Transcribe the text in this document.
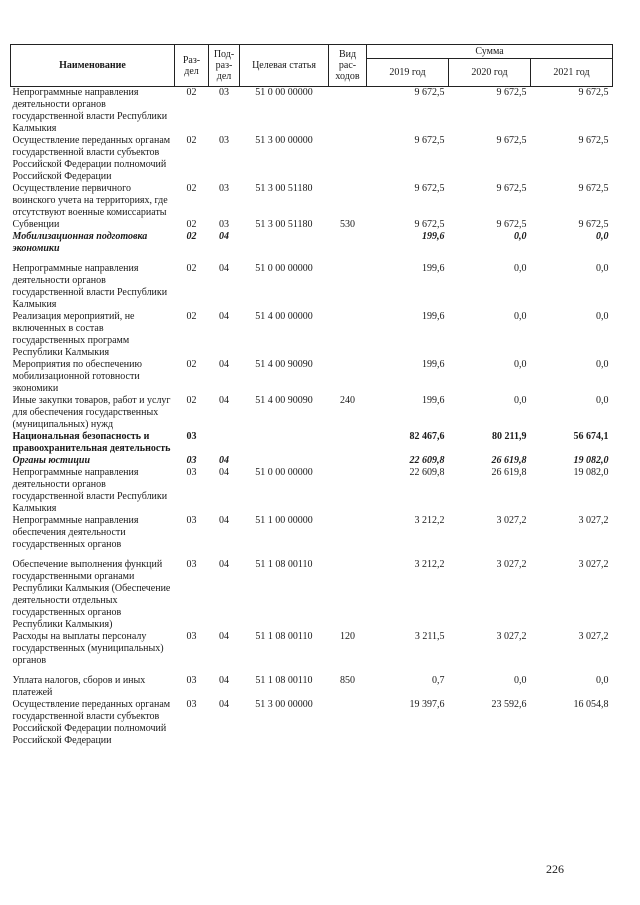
Наименование	Раз-дел	Под-раз-дел	Целевая статья	Вид рас-ходов	Сумма		
					2019 год	2020 год	2021 год
Непрограммные направления деятельности органов государственной власти Республики Калмыкия	02	03	51 0 00 00000		9 672,5	9 672,5	9 672,5
Осуществление переданных органам государственной власти субъектов Российской Федерации полномочий Российской Федерации	02	03	51 3 00 00000		9 672,5	9 672,5	9 672,5
Осуществление первичного воинского учета на территориях, где отсутствуют военные комиссариаты	02	03	51 3 00 51180		9 672,5	9 672,5	9 672,5
Субвенции	02	03	51 3 00 51180	530	9 672,5	9 672,5	9 672,5
Мобилизационная подготовка экономики	02	04			199,6	0,0	0,0
Непрограммные направления деятельности органов государственной власти Республики Калмыкия	02	04	51 0 00 00000		199,6	0,0	0,0
Реализация мероприятий, не включенных в состав государственных программ Республики Калмыкия	02	04	51 4 00 00000		199,6	0,0	0,0
Мероприятия по обеспечению мобилизационной готовности экономики	02	04	51 4 00 90090		199,6	0,0	0,0
Иные закупки товаров, работ и услуг для обеспечения государственных (муниципальных) нужд	02	04	51 4 00 90090	240	199,6	0,0	0,0
Национальная безопасность и правоохранительная деятельность	03				82 467,6	80 211,9	56 674,1
Органы юстиции	03	04			22 609,8	26 619,8	19 082,0
Непрограммные направления деятельности органов государственной власти Республики Калмыкия	03	04	51 0 00 00000		22 609,8	26 619,8	19 082,0
Непрограммные направления обеспечения деятельности государственных органов	03	04	51 1 00 00000		3 212,2	3 027,2	3 027,2
Обеспечение выполнения функций государственными органами Республики Калмыкия (Обеспечение деятельности отдельных государственных органов Республики Калмыкия)	03	04	51 1 08 00110		3 212,2	3 027,2	3 027,2
Расходы на выплаты персоналу государственных (муниципальных) органов	03	04	51 1 08 00110	120	3 211,5	3 027,2	3 027,2
Уплата налогов, сборов и иных платежей	03	04	51 1 08 00110	850	0,7	0,0	0,0
Осуществление переданных органам государственной власти субъектов Российской Федерации полномочий Российской Федерации	03	04	51 3 00 00000		19 397,6	23 592,6	16 054,8
226
